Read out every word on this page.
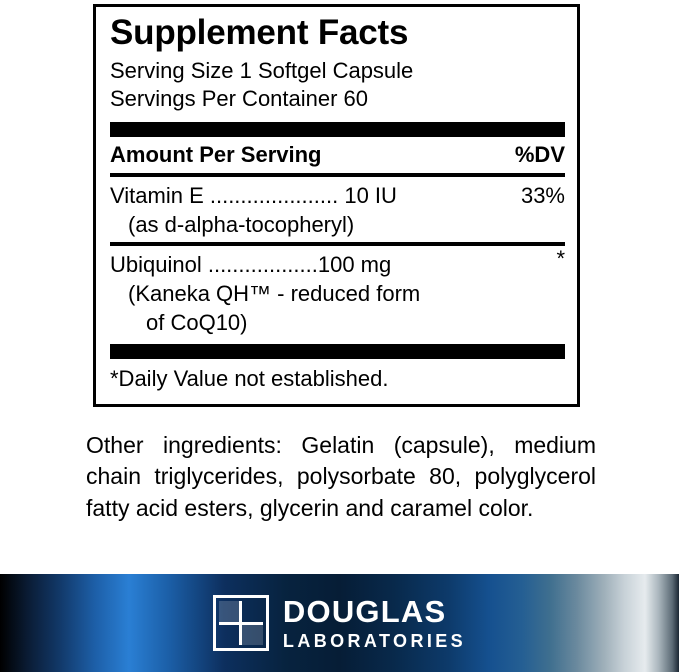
Supplement Facts
Serving Size 1 Softgel Capsule
Servings Per Container 60
Amount Per Serving	%DV
Vitamin E ..................... 10 IU	33%
(as d-alpha-tocopheryl)
Ubiquinol ..................100 mg	*
(Kaneka QH™ - reduced form
of CoQ10)
*Daily Value not established.
Other ingredients: Gelatin (capsule), medium chain triglycerides, polysorbate 80, polyglycerol fatty acid esters, glycerin and caramel color.
DOUGLAS
LABORATORIES
